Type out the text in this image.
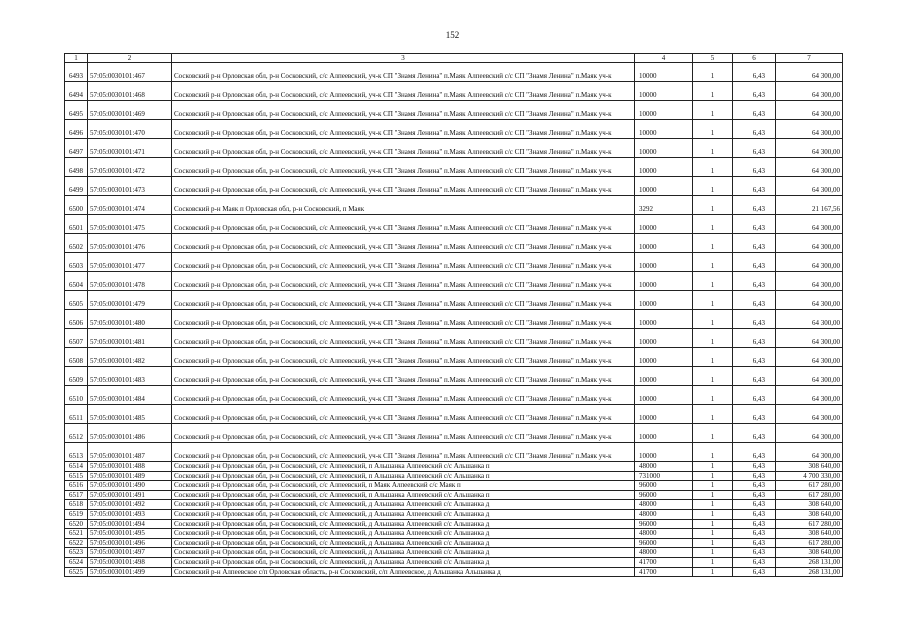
152
1	2	3	4	5	6	7
6493	57:05:0030101:467	Сосковский р-н Орловская обл, р-н Сосковский, с/с Алпеевский, уч-к СП "Знамя Ленина" п.Маяк Алпеевский с/с СП "Знамя Ленина" п.Маяк уч-к	10000	1	6,43	64 300,00
6494	57:05:0030101:468	Сосковский р-н Орловская обл, р-н Сосковский, с/с Алпеевский, уч-к СП "Знамя Ленина" п.Маяк Алпеевский с/с СП "Знамя Ленина" п.Маяк уч-к	10000	1	6,43	64 300,00
6495	57:05:0030101:469	Сосковский р-н Орловская обл, р-н Сосковский, с/с Алпеевский, уч-к СП "Знамя Ленина" п.Маяк Алпеевский с/с СП "Знамя Ленина" п.Маяк уч-к	10000	1	6,43	64 300,00
6496	57:05:0030101:470	Сосковский р-н Орловская обл, р-н Сосковский, с/с Алпеевский, уч-к СП "Знамя Ленина" п.Маяк Алпеевский с/с СП "Знамя Ленина" п.Маяк уч-к	10000	1	6,43	64 300,00
6497	57:05:0030101:471	Сосковский р-н Орловская обл, р-н Сосковский, с/с Алпеевский, уч-к СП "Знамя Ленина" п.Маяк Алпеевский с/с СП "Знамя Ленина" п.Маяк уч-к	10000	1	6,43	64 300,00
6498	57:05:0030101:472	Сосковский р-н Орловская обл, р-н Сосковский, с/с Алпеевский, уч-к СП "Знамя Ленина" п.Маяк Алпеевский с/с СП "Знамя Ленина" п.Маяк уч-к	10000	1	6,43	64 300,00
6499	57:05:0030101:473	Сосковский р-н Орловская обл, р-н Сосковский, с/с Алпеевский, уч-к СП "Знамя Ленина" п.Маяк Алпеевский с/с СП "Знамя Ленина" п.Маяк уч-к	10000	1	6,43	64 300,00
6500	57:05:0030101:474	Сосковский р-н Маяк п Орловская обл, р-н Сосковский, п Маяк	3292	1	6,43	21 167,56
6501	57:05:0030101:475	Сосковский р-н Орловская обл, р-н Сосковский, с/с Алпеевский, уч-к СП "Знамя Ленина" п.Маяк Алпеевский с/с СП "Знамя Ленина" п.Маяк уч-к	10000	1	6,43	64 300,00
6502	57:05:0030101:476	Сосковский р-н Орловская обл, р-н Сосковский, с/с Алпеевский, уч-к СП "Знамя Ленина" п.Маяк Алпеевский с/с СП "Знамя Ленина" п.Маяк уч-к	10000	1	6,43	64 300,00
6503	57:05:0030101:477	Сосковский р-н Орловская обл, р-н Сосковский, с/с Алпеевский, уч-к СП "Знамя Ленина" п.Маяк Алпеевский с/с СП "Знамя Ленина" п.Маяк уч-к	10000	1	6,43	64 300,00
6504	57:05:0030101:478	Сосковский р-н Орловская обл, р-н Сосковский, с/с Алпеевский, уч-к СП "Знамя Ленина" п.Маяк Алпеевский с/с СП "Знамя Ленина" п.Маяк уч-к	10000	1	6,43	64 300,00
6505	57:05:0030101:479	Сосковский р-н Орловская обл, р-н Сосковский, с/с Алпеевский, уч-к СП "Знамя Ленина" п.Маяк Алпеевский с/с СП "Знамя Ленина" п.Маяк уч-к	10000	1	6,43	64 300,00
6506	57:05:0030101:480	Сосковский р-н Орловская обл, р-н Сосковский, с/с Алпеевский, уч-к СП "Знамя Ленина" п.Маяк Алпеевский с/с СП "Знамя Ленина" п.Маяк уч-к	10000	1	6,43	64 300,00
6507	57:05:0030101:481	Сосковский р-н Орловская обл, р-н Сосковский, с/с Алпеевский, уч-к СП "Знамя Ленина" п.Маяк Алпеевский с/с СП "Знамя Ленина" п.Маяк уч-к	10000	1	6,43	64 300,00
6508	57:05:0030101:482	Сосковский р-н Орловская обл, р-н Сосковский, с/с Алпеевский, уч-к СП "Знамя Ленина" п.Маяк Алпеевский с/с СП "Знамя Ленина" п.Маяк уч-к	10000	1	6,43	64 300,00
6509	57:05:0030101:483	Сосковский р-н Орловская обл, р-н Сосковский, с/с Алпеевский, уч-к СП "Знамя Ленина" п.Маяк Алпеевский с/с СП "Знамя Ленина" п.Маяк уч-к	10000	1	6,43	64 300,00
6510	57:05:0030101:484	Сосковский р-н Орловская обл, р-н Сосковский, с/с Алпеевский, уч-к СП "Знамя Ленина" п.Маяк Алпеевский с/с СП "Знамя Ленина" п.Маяк уч-к	10000	1	6,43	64 300,00
6511	57:05:0030101:485	Сосковский р-н Орловская обл, р-н Сосковский, с/с Алпеевский, уч-к СП "Знамя Ленина" п.Маяк Алпеевский с/с СП "Знамя Ленина" п.Маяк уч-к	10000	1	6,43	64 300,00
6512	57:05:0030101:486	Сосковский р-н Орловская обл, р-н Сосковский, с/с Алпеевский, уч-к СП "Знамя Ленина" п.Маяк Алпеевский с/с СП "Знамя Ленина" п.Маяк уч-к	10000	1	6,43	64 300,00
6513	57:05:0030101:487	Сосковский р-н Орловская обл, р-н Сосковский, с/с Алпеевский, уч-к СП "Знамя Ленина" п.Маяк Алпеевский с/с СП "Знамя Ленина" п.Маяк уч-к	10000	1	6,43	64 300,00
6514	57:05:0030101:488	Сосковский р-н Орловская обл, р-н Сосковский, с/с Алпеевский, п Альшанка Алпеевский с/с Альшанка п	48000	1	6,43	308 640,00
6515	57:05:0030101:489	Сосковский р-н Орловская обл, р-н Сосковский, с/с Алпеевский, п Альшанка Алпеевский с/с Альшанка п	731000	1	6,43	4 700 330,00
6516	57:05:0030101:490	Сосковский р-н Орловская обл, р-н Сосковский, с/с Алпеевский, п Маяк Алпеевский с/с Маяк п	96000	1	6,43	617 280,00
6517	57:05:0030101:491	Сосковский р-н Орловская обл, р-н Сосковский, с/с Алпеевский, п Альшанка Алпеевский с/с Альшанка п	96000	1	6,43	617 280,00
6518	57:05:0030101:492	Сосковский р-н Орловская обл, р-н Сосковский, с/с Алпеевский, д Альшанка Алпеевский с/с Альшанка д	48000	1	6,43	308 640,00
6519	57:05:0030101:493	Сосковский р-н Орловская обл, р-н Сосковский, с/с Алпеевский, д Альшанка Алпеевский с/с Альшанка д	48000	1	6,43	308 640,00
6520	57:05:0030101:494	Сосковский р-н Орловская обл, р-н Сосковский, с/с Алпеевский, д Альшанка Алпеевский с/с Альшанка д	96000	1	6,43	617 280,00
6521	57:05:0030101:495	Сосковский р-н Орловская обл, р-н Сосковский, с/с Алпеевский, д Альшанка Алпеевский с/с Альшанка д	48000	1	6,43	308 640,00
6522	57:05:0030101:496	Сосковский р-н Орловская обл, р-н Сосковский, с/с Алпеевский, д Альшанка Алпеевский с/с Альшанка д	96000	1	6,43	617 280,00
6523	57:05:0030101:497	Сосковский р-н Орловская обл, р-н Сосковский, с/с Алпеевский, д Альшанка Алпеевский с/с Альшанка д	48000	1	6,43	308 640,00
6524	57:05:0030101:498	Сосковский р-н Орловская обл, р-н Сосковский, с/с Алпеевский, д Альшанка Алпеевский с/с Альшанка д	41700	1	6,43	268 131,00
6525	57:05:0030101:499	Сосковский р-н Алпеевское с/п Орловская область, р-н Сосковский, с/п Алпеевское, д Альшанка Альшанка д	41700	1	6,43	268 131,00
